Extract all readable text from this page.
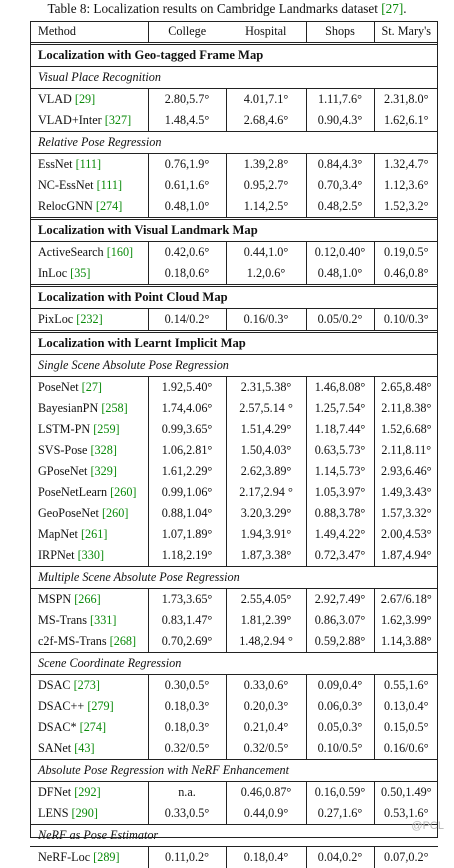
Table 8: Localization results on Cambridge Landmarks dataset [27].
Method	College	Hospital	Shops	St. Mary's
Localization with Geo-tagged Frame Map				
Visual Place Recognition				
VLAD [29]	2.80,5.7°	4.01,7.1°	1.11,7.6°	2.31,8.0°
VLAD+Inter [327]	1.48,4.5°	2.68,4.6°	0.90,4.3°	1.62,6.1°
Relative Pose Regression				
EssNet [111]	0.76,1.9°	1.39,2.8°	0.84,4.3°	1.32,4.7°
NC-EssNet [111]	0.61,1.6°	0.95,2.7°	0.70,3.4°	1.12,3.6°
RelocGNN [274]	0.48,1.0°	1.14,2.5°	0.48,2.5°	1.52,3.2°
Localization with Visual Landmark Map				
ActiveSearch [160]	0.42,0.6°	0.44,1.0°	0.12,0.40°	0.19,0.5°
InLoc [35]	0.18,0.6°	1.2,0.6°	0.48,1.0°	0.46,0.8°
Localization with Point Cloud Map				
PixLoc [232]	0.14/0.2°	0.16/0.3°	0.05/0.2°	0.10/0.3°
Localization with Learnt Implicit Map				
Single Scene Absolute Pose Regression				
PoseNet [27]	1.92,5.40°	2.31,5.38°	1.46,8.08°	2.65,8.48°
BayesianPN [258]	1.74,4.06°	2.57,5.14 °	1.25,7.54°	2.11,8.38°
LSTM-PN [259]	0.99,3.65°	1.51,4.29°	1.18,7.44°	1.52,6.68°
SVS-Pose [328]	1.06,2.81°	1.50,4.03°	0.63,5.73°	2.11,8.11°
GPoseNet [329]	1.61,2.29°	2.62,3.89°	1.14,5.73°	2.93,6.46°
PoseNetLearn [260]	0.99,1.06°	2.17,2.94 °	1.05,3.97°	1.49,3.43°
GeoPoseNet [260]	0.88,1.04°	3.20,3.29°	0.88,3.78°	1.57,3.32°
MapNet [261]	1.07,1.89°	1.94,3.91°	1.49,4.22°	2.00,4.53°
IRPNet [330]	1.18,2.19°	1.87,3.38°	0.72,3.47°	1.87,4.94°
Multiple Scene Absolute Pose Regression				
MSPN [266]	1.73,3.65°	2.55,4.05°	2.92,7.49°	2.67/6.18°
MS-Trans [331]	0.83,1.47°	1.81,2.39°	0.86,3.07°	1.62,3.99°
c2f-MS-Trans [268]	0.70,2.69°	1.48,2.94 °	0.59,2.88°	1.14,3.88°
Scene Coordinate Regression				
DSAC [273]	0.30,0.5°	0.33,0.6°	0.09,0.4°	0.55,1.6°
DSAC++ [279]	0.18,0.3°	0.20,0.3°	0.06,0.3°	0.13,0.4°
DSAC* [274]	0.18,0.3°	0.21,0.4°	0.05,0.3°	0.15,0.5°
SANet [43]	0.32/0.5°	0.32/0.5°	0.10/0.5°	0.16/0.6°
Absolute Pose Regression with NeRF Enhancement				
DFNet [292]	n.a.	0.46,0.87°	0.16,0.59°	0.50,1.49°
LENS [290]	0.33,0.5°	0.44,0.9°	0.27,1.6°	0.53,1.6°
NeRF as Pose Estimator				
NeRF-Loc [289]	0.11,0.2°	0.18,0.4°	0.04,0.2°	0.07,0.2°
@PCL
